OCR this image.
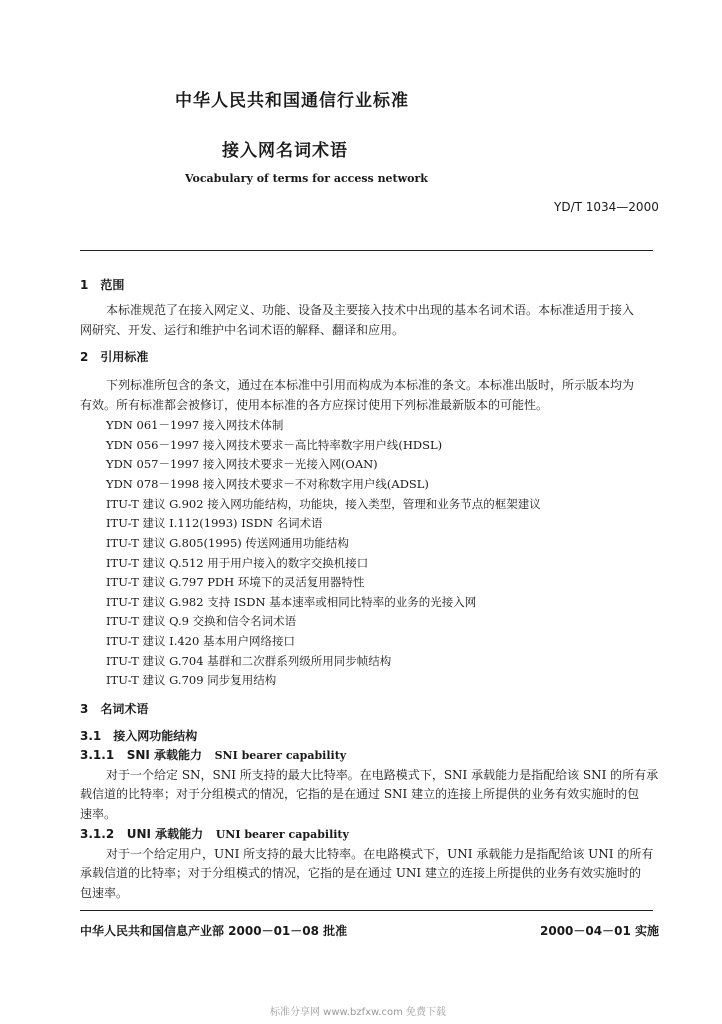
中华人民共和国通信行业标准
接入网名词术语
Vocabulary of terms for access network
YD/T 1034—2000
1　范围
本标准规范了在接入网定义、功能、设备及主要接入技术中出现的基本名词术语。本标准适用于接入
网研究、开发、运行和维护中名词术语的解释、翻译和应用。
2　引用标准
下列标准所包含的条文，通过在本标准中引用而构成为本标准的条文。本标准出版时，所示版本均为
有效。所有标准都会被修订，使用本标准的各方应探讨使用下列标准最新版本的可能性。
YDN 061－1997 接入网技术体制
YDN 056－1997 接入网技术要求－高比特率数字用户线(HDSL)
YDN 057－1997 接入网技术要求－光接入网(OAN)
YDN 078－1998 接入网技术要求－不对称数字用户线(ADSL)
ITU-T 建议 G.902 接入网功能结构，功能块，接入类型，管理和业务节点的框架建议
ITU-T 建议 I.112(1993) ISDN 名词术语
ITU-T 建议 G.805(1995) 传送网通用功能结构
ITU-T 建议 Q.512 用于用户接入的数字交换机接口
ITU-T 建议 G.797 PDH 环境下的灵活复用器特性
ITU-T 建议 G.982 支持 ISDN 基本速率或相同比特率的业务的光接入网
ITU-T 建议 Q.9 交换和信令名词术语
ITU-T 建议 I.420 基本用户网络接口
ITU-T 建议 G.704 基群和二次群系列级所用同步帧结构
ITU-T 建议 G.709 同步复用结构
3　名词术语
3.1　接入网功能结构
3.1.1 SNI 承载能力 SNI bearer capability
对于一个给定 SN，SNI 所支持的最大比特率。在电路模式下，SNI 承载能力是指配给该 SNI 的所有承
载信道的比特率；对于分组模式的情况，它指的是在通过 SNI 建立的连接上所提供的业务有效实施时的包
速率。
3.1.2 UNI 承载能力 UNI bearer capability
对于一个给定用户，UNI 所支持的最大比特率。在电路模式下，UNI 承载能力是指配给该 UNI 的所有
承载信道的比特率；对于分组模式的情况，它指的是在通过 UNI 建立的连接上所提供的业务有效实施时的
包速率。
中华人民共和国信息产业部 2000－01－08 批准	2000－04－01 实施
标准分享网 www.bzfxw.com 免费下载
